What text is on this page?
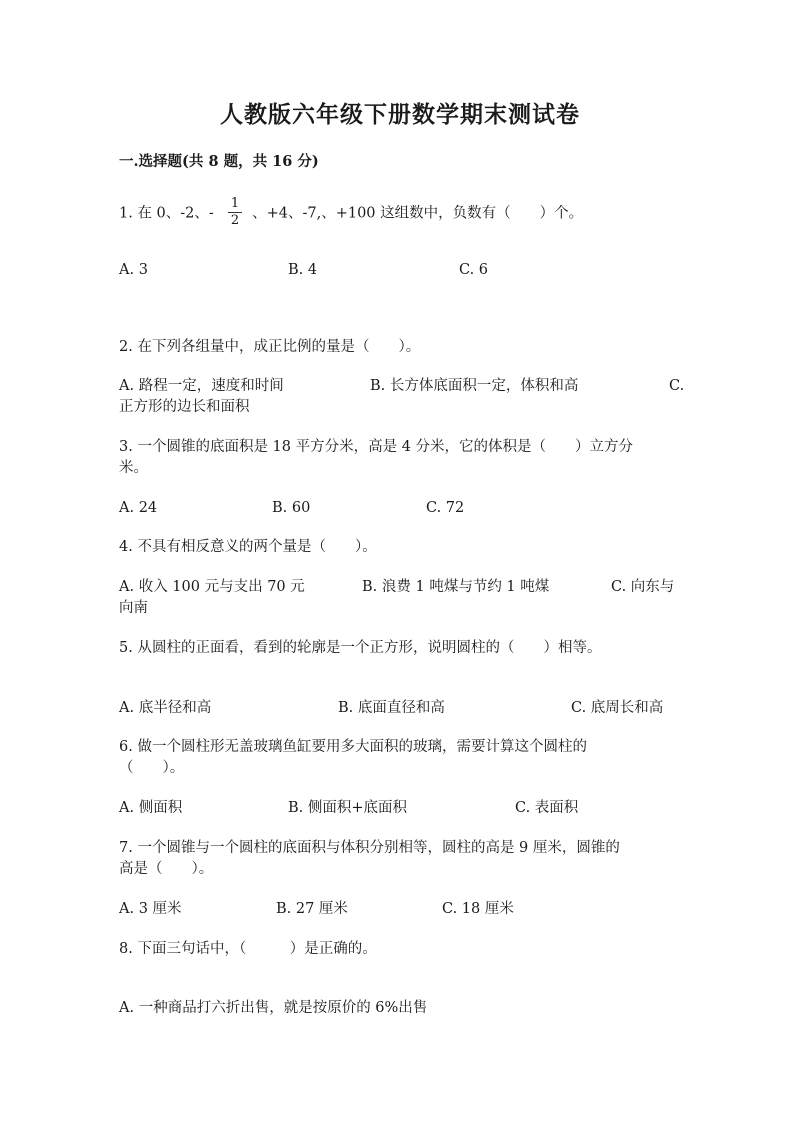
人教版六年级下册数学期末测试卷
一.选择题(共 8 题，共 16 分)
1. 在 0、-2、- $\frac{1}{2}$ 、+4、-7,、+100 这组数中，负数有（　　）个。
A. 3	B. 4	C. 6
2. 在下列各组量中，成正比例的量是（　　）。
A. 路程一定，速度和时间	B. 长方体底面积一定，体积和高	C.
正方形的边长和面积
3. 一个圆锥的底面积是 18 平方分米，高是 4 分米，它的体积是（　　）立方分
米。
A. 24	B. 60	C. 72
4. 不具有相反意义的两个量是（　　）。
A. 收入 100 元与支出 70 元	B. 浪费 1 吨煤与节约 1 吨煤	C. 向东与
向南
5. 从圆柱的正面看，看到的轮廓是一个正方形，说明圆柱的（　　）相等。
A. 底半径和高	B. 底面直径和高	C. 底周长和高
6. 做一个圆柱形无盖玻璃鱼缸要用多大面积的玻璃，需要计算这个圆柱的
（　　）。
A. 侧面积	B. 侧面积+底面积	C. 表面积
7. 一个圆锥与一个圆柱的底面积与体积分别相等，圆柱的高是 9 厘米，圆锥的
高是（　　）。
A. 3 厘米	B. 27 厘米	C. 18 厘米
8. 下面三句话中，（　　　）是正确的。
A. 一种商品打六折出售，就是按原价的 6%出售
